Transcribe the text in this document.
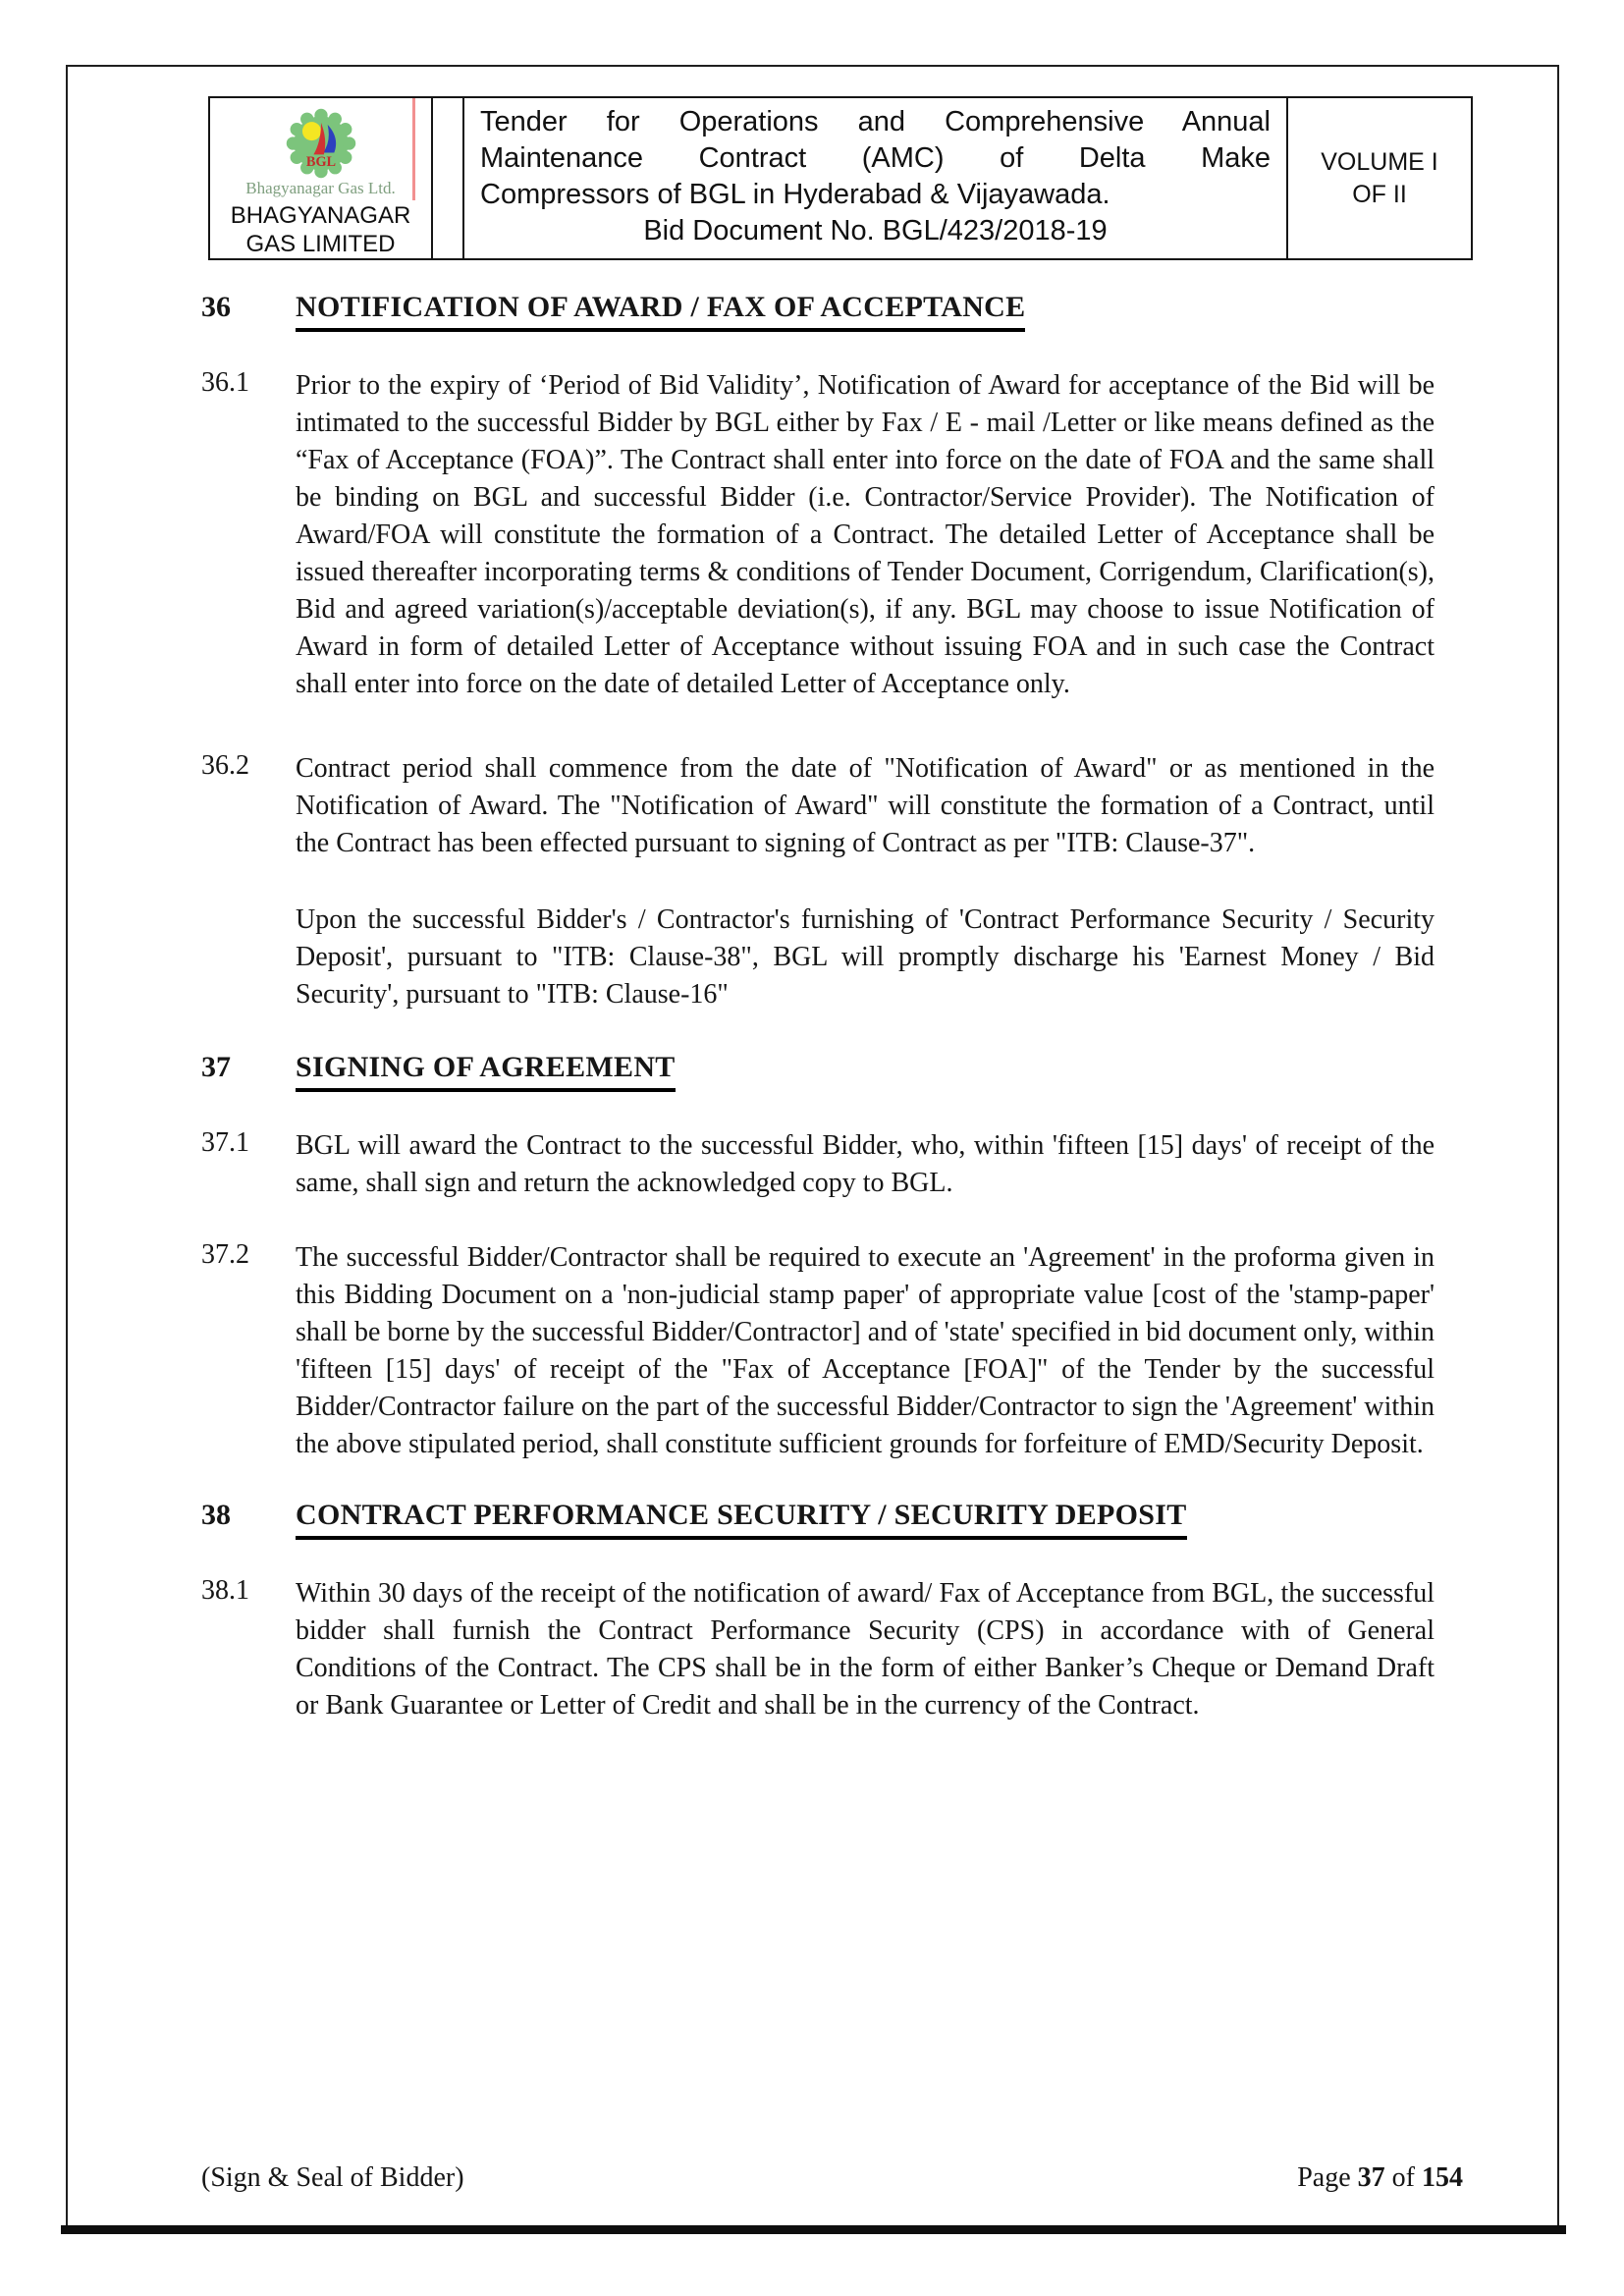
BGL
Bhagyanagar Gas Ltd.
BHAGYANAGAR GAS LIMITED
Tender for Operations and Comprehensive Annual
Maintenance Contract (AMC) of Delta Make
Compressors of BGL in Hyderabad & Vijayawada.
Bid Document No. BGL/423/2018-19
VOLUME I
OF II
36	NOTIFICATION OF AWARD / FAX OF ACCEPTANCE
36.1	Prior to the expiry of ‘Period of Bid Validity’, Notification of Award for acceptance of the Bid will be intimated to the successful Bidder by BGL either by Fax / E - mail /Letter or like means defined as the “Fax of Acceptance (FOA)”. The Contract shall enter into force on the date of FOA and the same shall be binding on BGL and successful Bidder (i.e. Contractor/Service Provider). The Notification of Award/FOA will constitute the formation of a Contract. The detailed Letter of Acceptance shall be issued thereafter incorporating terms & conditions of Tender Document, Corrigendum, Clarification(s), Bid and agreed variation(s)/acceptable deviation(s), if any. BGL may choose to issue Notification of Award in form of detailed Letter of Acceptance without issuing FOA and in such case the Contract shall enter into force on the date of detailed Letter of Acceptance only.
36.2	Contract period shall commence from the date of "Notification of Award" or as mentioned in the Notification of Award. The "Notification of Award" will constitute the formation of a Contract, until the Contract has been effected pursuant to signing of Contract as per "ITB: Clause-37".
Upon the successful Bidder's / Contractor's furnishing of 'Contract Performance Security / Security Deposit', pursuant to "ITB: Clause-38", BGL will promptly discharge his 'Earnest Money / Bid Security', pursuant to "ITB: Clause-16"
37	SIGNING OF AGREEMENT
37.1	BGL will award the Contract to the successful Bidder, who, within 'fifteen [15] days' of receipt of the same, shall sign and return the acknowledged copy to BGL.
37.2	The successful Bidder/Contractor shall be required to execute an 'Agreement' in the proforma given in this Bidding Document on a 'non-judicial stamp paper' of appropriate value [cost of the 'stamp-paper' shall be borne by the successful Bidder/Contractor] and of 'state' specified in bid document only, within 'fifteen [15] days' of receipt of the "Fax of Acceptance [FOA]" of the Tender by the successful Bidder/Contractor failure on the part of the successful Bidder/Contractor to sign the 'Agreement' within the above stipulated period, shall constitute sufficient grounds for forfeiture of EMD/Security Deposit.
38	CONTRACT PERFORMANCE SECURITY / SECURITY DEPOSIT
38.1	Within 30 days of the receipt of the notification of award/ Fax of Acceptance from BGL, the successful bidder shall furnish the Contract Performance Security (CPS) in accordance with of General Conditions of the Contract. The CPS shall be in the form of either Banker’s Cheque or Demand Draft or Bank Guarantee or Letter of Credit and shall be in the currency of the Contract.
(Sign & Seal of Bidder)	Page 37 of 154
